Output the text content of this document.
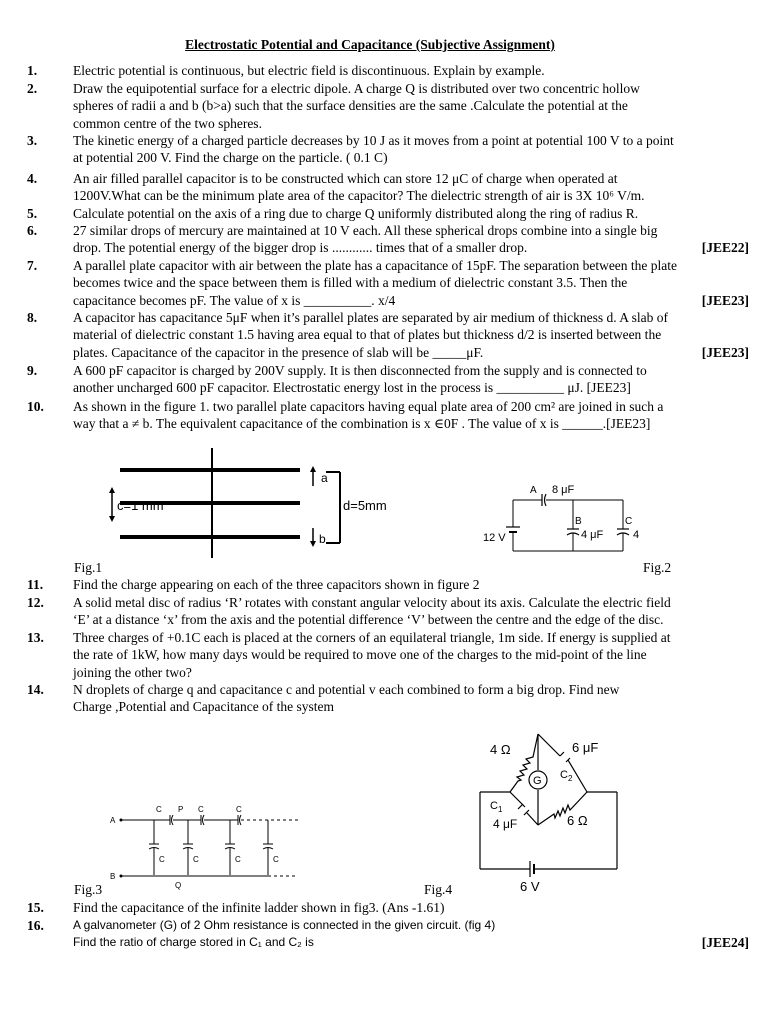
Electrostatic Potential and Capacitance (Subjective Assignment)
1.	Electric potential is continuous, but electric field is discontinuous. Explain by example.
2.	Draw the equipotential surface for a electric dipole. A charge Q is distributed over two concentric hollow
spheres of radii a and b (b>a) such that the surface densities are the same .Calculate the potential at the
common centre of the two spheres.
3.	The kinetic energy of a charged particle decreases by 10 J as it moves from a point at potential 100 V to a point
at potential 200 V. Find the charge on the particle. ( 0.1 C)
4.	An air filled parallel capacitor is to be constructed which can store 12 μC of charge when operated at
1200V.What can be the minimum plate area of the capacitor? The dielectric strength of air is 3X 10⁶ V/m.
5.	Calculate potential on the axis of a ring due to charge Q uniformly distributed along the ring of radius R.
6.	27 similar drops of mercury are maintained at 10 V each. All these spherical drops combine into a single big
drop. The potential energy of the bigger drop is ............ times that of a smaller drop.	[JEE22]
7.	A parallel plate capacitor with air between the plate has a capacitance of 15pF. The separation between the plate
becomes twice and the space between them is filled with a medium of dielectric constant 3.5. Then the
capacitance becomes pF. The value of x is __________. x/4	[JEE23]
8.	A capacitor has capacitance 5μF when it’s parallel plates are separated by air medium of thickness d. A slab of
material of dielectric constant 1.5 having area equal to that of plates but thickness d/2 is inserted between the
plates. Capacitance of the capacitor in the presence of slab will be _____μF.	[JEE23]
9.	A 600 pF capacitor is charged by 200V supply. It is then disconnected from the supply and is connected to
another uncharged 600 pF capacitor. Electrostatic energy lost in the process is __________ μJ. [JEE23]
10.	As shown in the figure 1. two parallel plate capacitors having equal plate area of 200 cm² are joined in such a
way that a ≠ b. The equivalent capacitance of the combination is x ∈0F . The value of x is ______.[JEE23]
11.	Find the charge appearing on each of the three capacitors shown in figure 2
12.	A solid metal disc of radius ‘R’ rotates with constant angular velocity about its axis. Calculate the electric field
‘E’ at a distance ‘x’ from the axis and the potential difference ‘V’ between the centre and the edge of the disc.
13.	Three charges of +0.1C each is placed at the corners of an equilateral triangle, 1m side. If energy is supplied at
the rate of 1kW, how many days would be required to move one of the charges to the mid-point of the line
joining the other two?
14.	N droplets of charge q and capacitance c and potential v each combined to form a big drop. Find new
Charge ,Potential and Capacitance of the system
15.	Find the capacitance of the infinite ladder shown in fig3. (Ans -1.61)
16.	A galvanometer (G) of 2 Ohm resistance is connected in the given circuit. (fig 4)
Find the ratio of charge stored in C₁ and C₂ is	[JEE24]
a
b
c=1 mm	d=5mm
Fig.1
A 8 μF
12 V
B
4 μF
C
4
Fig.2
A
C P C	C
C	C	C	C
B
Q
Fig.3
G
4 Ω	6 μF
$C_2$
$C_1$
4 μF	6 Ω
6 V
Fig.4
